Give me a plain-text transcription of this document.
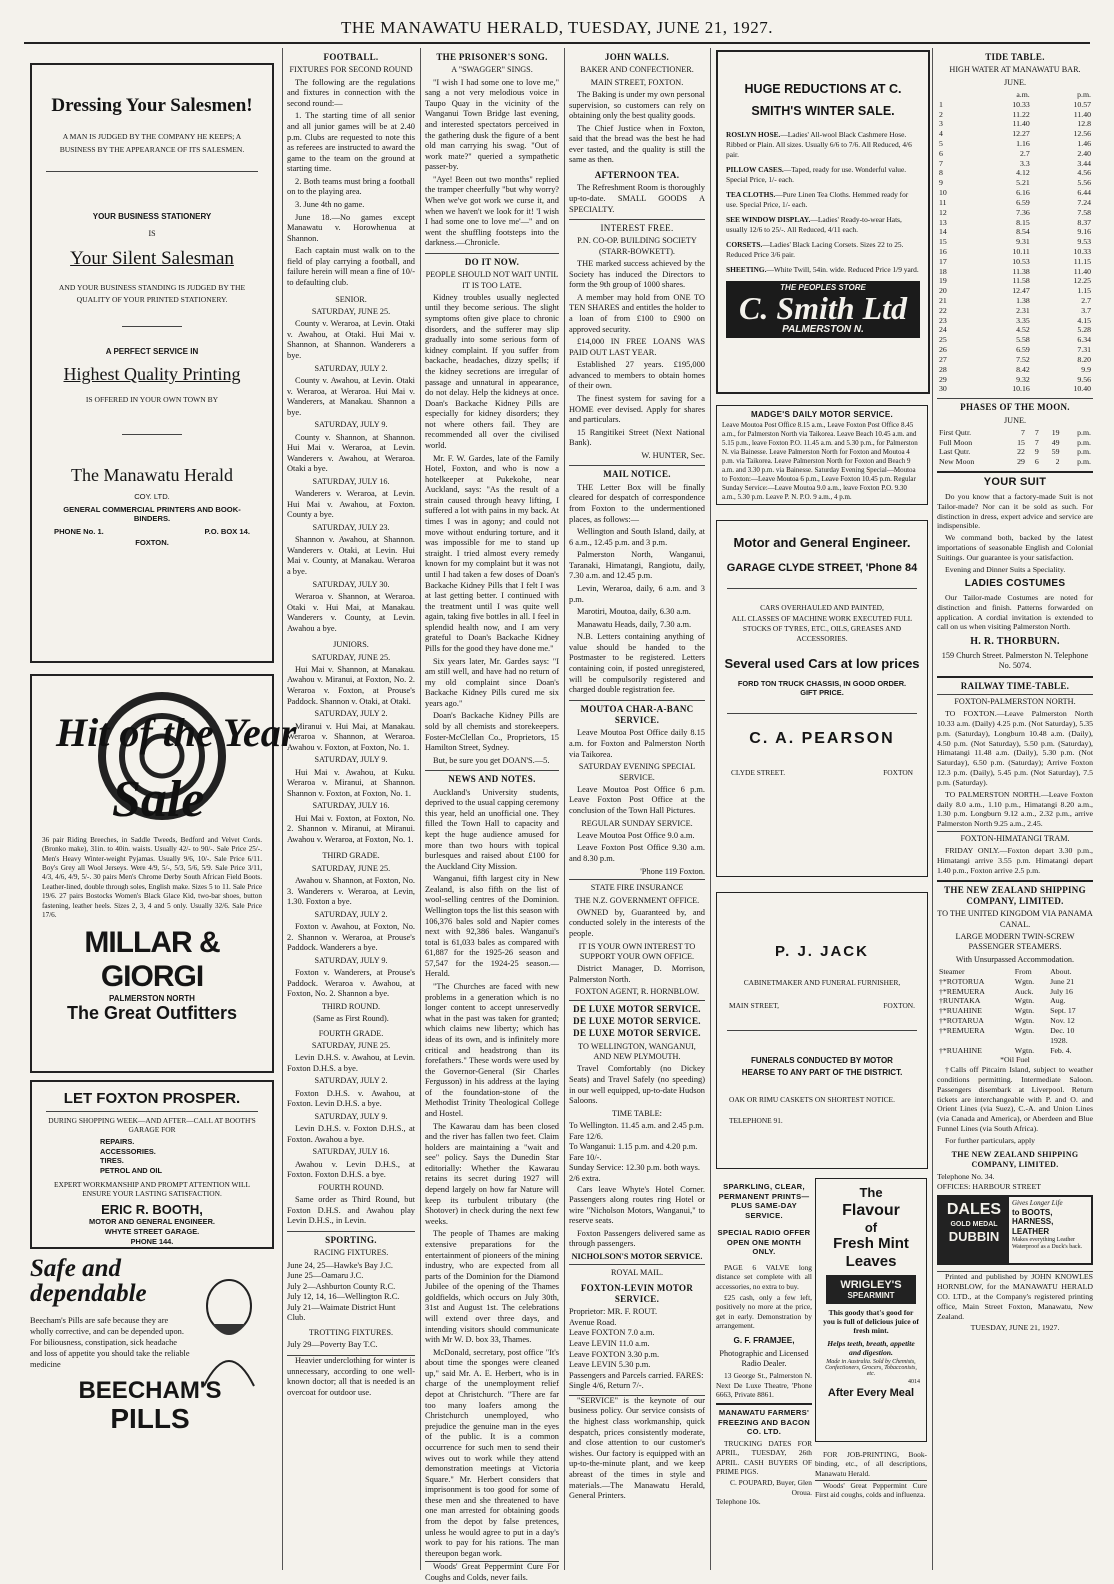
THE MANAWATU HERALD, TUESDAY, JUNE 21, 1927.
Dressing Your Salesmen!
A MAN IS JUDGED BY THE COMPANY HE KEEPS; A BUSINESS BY THE APPEARANCE OF ITS SALESMEN.
YOUR BUSINESS STATIONERY
IS
Your Silent Salesman
AND YOUR BUSINESS STANDING IS JUDGED BY THE QUALITY OF YOUR PRINTED STATIONERY.
A PERFECT SERVICE IN
Highest Quality Printing
IS OFFERED IN YOUR OWN TOWN BY
The Manawatu Herald
COY. LTD.
GENERAL COMMERCIAL PRINTERS AND BOOK-BINDERS.
PHONE No. 1.	P.O. BOX 14.
FOXTON.
Hit of the Year
Sale
36 pair Riding Breeches, in Saddle Tweeds, Bedford and Velvet Cords. (Bronko make), 31in. to 40in. waists. Usually 42/- to 90/-. Sale Price 25/-. Men's Heavy Winter-weight Pyjamas. Usually 9/6, 10/-. Sale Price 6/11. Boy's Grey all Wool Jerseys. Were 4/9, 5/-, 5/3, 5/6, 5/9. Sale Price 3/11, 4/3, 4/6, 4/9, 5/-. 30 pairs Men's Chrome Derby South African Field Boots. Leather-lined, double through soles, English make. Sizes 5 to 11. Sale Price 19/6. 27 pairs Bostocks Women's Black Glace Kid, two-bar shoes, button fastening, leather heels. Sizes 2, 3, 4 and 5 only. Usually 32/6. Sale Price 17/6.
MILLAR & GIORGI
PALMERSTON NORTH
The Great Outfitters
LET FOXTON PROSPER.
DURING SHOPPING WEEK—AND AFTER—CALL AT BOOTH'S GARAGE FOR
REPAIRS.
ACCESSORIES.
TIRES.
PETROL AND OIL
EXPERT WORKMANSHIP AND PROMPT ATTENTION WILL ENSURE YOUR LASTING SATISFACTION.
ERIC R. BOOTH,
MOTOR AND GENERAL ENGINEER.
WHYTE STREET GARAGE.
PHONE 144.
Safe and dependable
Beecham's Pills are safe because they are wholly corrective, and can be depended upon. For biliousness, constipation, sick headache and loss of appetite you should take the reliable medicine
BEECHAM'S
PILLS
FOOTBALL.
FIXTURES FOR SECOND ROUND

The following are the regulations and fixtures in connection with the second round:—

1. The starting time of all senior and all junior games will be at 2.40 p.m. Clubs are requested to note this as referees are instructed to award the game to the team on the ground at starting time.

2. Both teams must bring a football on to the playing area.

3. June 4th no game.

June 18.—No games except Manawatu v. Horowhenua at Shannon.

Each captain must walk on to the field of play carrying a football, and failure herein will mean a fine of 10/- to defaulting club.

SENIOR.
SATURDAY, JUNE 25.

County v. Weraroa, at Levin. Otaki v. Awahou, at Otaki. Hui Mai v. Shannon, at Shannon. Wanderers a bye.

SATURDAY, JULY 2.

County v. Awahou, at Levin. Otaki v. Weraroa, at Weraroa. Hui Mai v. Wanderers, at Manakau. Shannon a bye.

SATURDAY, JULY 9.

County v. Shannon, at Shannon. Hui Mai v. Weraroa, at Levin. Wanderers v. Awahou, at Weraroa. Otaki a bye.

SATURDAY, JULY 16.

Wanderers v. Weraroa, at Levin. Hui Mai v. Awahou, at Foxton. County a bye.

SATURDAY, JULY 23.

Shannon v. Awahou, at Shannon. Wanderers v. Otaki, at Levin. Hui Mai v. County, at Manakau. Weraroa a bye.

SATURDAY, JULY 30.

Weraroa v. Shannon, at Weraroa. Otaki v. Hui Mai, at Manakau. Wanderers v. County, at Levin. Awahou a bye.

JUNIORS.
SATURDAY, JUNE 25.

Hui Mai v. Shannon, at Manakau. Awahou v. Miranui, at Foxton, No. 2. Weraroa v. Foxton, at Prouse's Paddock. Shannon v. Otaki, at Otaki.

SATURDAY, JULY 2.

Miranui v. Hui Mai, at Manakau. Weraroa v. Shannon, at Weraroa. Awahou v. Foxton, at Foxton, No. 1.

SATURDAY, JULY 9.

Hui Mai v. Awahou, at Kuku. Weraroa v. Miranui, at Shannon. Shannon v. Foxton, at Foxton, No. 1.

SATURDAY, JULY 16.

Hui Mai v. Foxton, at Foxton, No. 2. Shannon v. Miranui, at Miranui. Awahou v. Weraroa, at Foxton, No. 1.

THIRD GRADE.
SATURDAY, JUNE 25.

Awahou v. Shannon, at Foxton, No. 3. Wanderers v. Weraroa, at Levin, 1.30. Foxton a bye.

SATURDAY, JULY 2.

Foxton v. Awahou, at Foxton, No. 2. Shannon v. Weraroa, at Prouse's Paddock. Wanderers a bye.

SATURDAY, JULY 9.

Foxton v. Wanderers, at Prouse's Paddock. Weraroa v. Awahou, at Foxton, No. 2. Shannon a bye.

THIRD ROUND.
(Same as First Round).
FOURTH GRADE.
SATURDAY, JUNE 25.

Levin D.H.S. v. Awahou, at Levin. Foxton D.H.S. a bye.

SATURDAY, JULY 2.

Foxton D.H.S. v. Awahou, at Foxton. Levin D.H.S. a bye.

SATURDAY, JULY 9.

Levin D.H.S. v. Foxton D.H.S., at Foxton. Awahou a bye.

SATURDAY, JULY 16.

Awahou v. Levin D.H.S., at Foxton. Foxton D.H.S. a bye.

FOURTH ROUND.

Same order as Third Round, but Foxton D.H.S. and Awahou play Levin D.H.S., in Levin.

SPORTING.
RACING FIXTURES.
June 24, 25—Hawke's Bay J.C.
June 25—Oamaru J.C.
July 2—Ashburton County R.C.
July 12, 14, 16—Wellington R.C.
July 21—Waimate District Hunt Club.
TROTTING FIXTURES.
July 29—Poverty Bay T.C.

Heavier underclothing for winter is unnecessary, according to one well-known doctor; all that is needed is an overcoat for outdoor use.

THE PRISONER'S SONG.
A "SWAGGER" SINGS.

"I wish I had some one to love me," sang a not very melodious voice in Taupo Quay in the vicinity of the Wanganui Town Bridge last evening, and interested spectators perceived in the gathering dusk the figure of a bent old man carrying his swag. "Out of work mate?" queried a sympathetic passer-by.

"Aye! Been out two months" replied the tramper cheerfully "but why worry? When we've got work we curse it, and when we haven't we look for it! 'I wish I had some one to love me'—" and on went the shuffling footsteps into the darkness.—Chronicle.

DO IT NOW.
PEOPLE SHOULD NOT WAIT UNTIL IT IS TOO LATE.

Kidney troubles usually neglected until they become serious. The slight symptoms often give place to chronic disorders, and the sufferer may slip gradually into some serious form of kidney complaint. If you suffer from backache, headaches, dizzy spells; if the kidney secretions are irregular of passage and unnatural in appearance, do not delay. Help the kidneys at once. Doan's Backache Kidney Pills are especially for kidney disorders; they not where others fail. They are recommended all over the civilised world.

Mr. F. W. Gardes, late of the Family Hotel, Foxton, and who is now a hotelkeeper at Pukekohe, near Auckland, says: "As the result of a strain caused through heavy lifting, I suffered a lot with pains in my back. At times I was in agony; and could not move without enduring torture, and it was impossible for me to stand up straight. I tried almost every remedy known for my complaint but it was not until I had taken a few doses of Doan's Backache Kidney Pills that I felt I was at last getting better. I continued with the treatment until I was quite well again, taking five bottles in all. I feel in splendid health now, and I am very grateful to Doan's Backache Kidney Pills for the good they have done me."

Six years later, Mr. Gardes says: "I am still well, and have had no return of my old complaint since Doan's Backache Kidney Pills cured me six years ago."

Doan's Backache Kidney Pills are sold by all chemists and storekeepers. Foster-McClellan Co., Proprietors, 15 Hamilton Street, Sydney.

But, be sure you get DOAN'S.—5.

NEWS AND NOTES.

Auckland's University students, deprived to the usual capping ceremony this year, held an unofficial one. They filled the Town Hall to capacity and kept the huge audience amused for more than two hours with topical burlesques and raised about £100 for the Auckland City Mission.

Wanganui, fifth largest city in New Zealand, is also fifth on the list of wool-selling centres of the Dominion. Wellington tops the list this season with 106,376 bales sold and Napier comes next with 92,386 bales. Wanganui's total is 61,033 bales as compared with 61,887 for the 1925-26 season and 57,547 for the 1924-25 season.—Herald.

"The Churches are faced with new problems in a generation which is no longer content to accept unreservedly what in the past was taken for granted; which claims new liberty; which has ideas of its own, and is infinitely more critical and headstrong than its forefathers." These words were used by the Governor-General (Sir Charles Fergusson) in his address at the laying of the foundation-stone of the Methodist Trinity Theological College and Hostel.

The Kawarau dam has been closed and the river has fallen two feet. Claim holders are maintaining a "wait and see" policy. Says the Dunedin Star editorially: Whether the Kawarau retains its secret during 1927 will depend largely on how far Nature will keep its turbulent tributary (the Shotover) in check during the next few weeks.

The people of Thames are making extensive preparations for the entertainment of pioneers of the mining industry, who are expected from all parts of the Dominion for the Diamond Jubilee of the opening of the Thames goldfields, which occurs on July 30th, 31st and August 1st. The celebrations will extend over three days, and intending visitors should communicate with Mr W. D. box 33, Thames.

McDonald, secretary, post office "It's about time the sponges were cleaned up," said Mr. A. E. Herbert, who is in charge of the unemployment relief depot at Christchurch. "There are far too many loafers among the Christchurch unemployed, who prejudice the genuine man in the eyes of the public. It is a common occurrence for such men to send their wives out to work while they attend demonstration meetings at Victoria Square." Mr. Herbert considers that imprisonment is too good for some of these men and she threatened to have one man arrested for obtaining goods from the depot by false pretences, unless he would agree to put in a day's work to pay for his rations. The man thereupon began work.

Woods' Great Peppermint Cure For Coughs and Colds, never fails.

JOHN WALLS.
BAKER AND CONFECTIONER.
MAIN STREET, FOXTON.

The Baking is under my own personal supervision, so customers can rely on obtaining only the best quality goods.

The Chief Justice when in Foxton, said that the bread was the best he had ever tasted, and the quality is still the same as then.

AFTERNOON TEA.

The Refreshment Room is thoroughly up-to-date. SMALL GOODS A SPECIALTY.

INTEREST FREE.
P.N. CO-OP. BUILDING SOCIETY (STARR-BOWKETT).

THE marked success achieved by the Society has induced the Directors to form the 9th group of 1000 shares.

A member may hold from ONE TO TEN SHARES and entitles the holder to a loan of from £100 to £900 on approved security.

£14,000 IN FREE LOANS WAS PAID OUT LAST YEAR.

Established 27 years. £195,000 advanced to members to obtain homes of their own.

The finest system for saving for a HOME ever devised. Apply for shares and particulars.

15 Rangitikei Street (Next National Bank).

W. HUNTER, Sec.
MAIL NOTICE.

THE Letter Box will be finally cleared for despatch of correspondence from Foxton to the undermentioned places, as follows:—

Wellington and South Island, daily, at 6 a.m., 12.45 p.m. and 3 p.m.

Palmerston North, Wanganui, Taranaki, Himatangi, Rangiotu, daily, 7.30 a.m. and 12.45 p.m.

Levin, Weraroa, daily, 6 a.m. and 3 p.m.

Marotiri, Moutoa, daily, 6.30 a.m.

Manawatu Heads, daily, 7.30 a.m.

N.B. Letters containing anything of value should be handed to the Postmaster to be registered. Letters containing coin, if posted unregistered, will be compulsorily registered and charged double registration fee.

MOUTOA CHAR-A-BANC SERVICE.

Leave Moutoa Post Office daily 8.15 a.m. for Foxton and Palmerston North via Taikorea.

SATURDAY EVENING SPECIAL SERVICE.

Leave Moutoa Post Office 6 p.m. Leave Foxton Post Office at the conclusion of the Town Hall Pictures.

REGULAR SUNDAY SERVICE.

Leave Moutoa Post Office 9.0 a.m.

Leave Foxton Post Office 9.30 a.m. and 8.30 p.m.

'Phone 119 Foxton.
STATE FIRE INSURANCE
THE N.Z. GOVERNMENT OFFICE.

OWNED by, Guaranteed by, and conducted solely in the interests of the people.

IT IS YOUR OWN INTEREST TO SUPPORT YOUR OWN OFFICE.

District Manager, D. Morrison, Palmerston North.

FOXTON AGENT, R. HORNBLOW.
DE LUXE MOTOR SERVICE.
DE LUXE MOTOR SERVICE.
DE LUXE MOTOR SERVICE.
TO WELLINGTON, WANGANUI, AND NEW PLYMOUTH.

Travel Comfortably (no Dickey Seats) and Travel Safely (no speeding) in our well equipped, up-to-date Hudson Saloons.

TIME TABLE:
To Wellington. 11.45 a.m. and 2.45 p.m. Fare 12/6.
To Wanganui: 1.15 p.m. and 4.20 p.m. Fare 10/-.
Sunday Service: 12.30 p.m. both ways. 2/6 extra.

Cars leave Whyte's Hotel Corner. Passengers along routes ring Hotel or wire "Nicholson Motors, Wanganui," to reserve seats.

Foxton Passengers delivered same as through passengers.

NICHOLSON'S MOTOR SERVICE.
ROYAL MAIL.
FOXTON-LEVIN MOTOR SERVICE.
Proprietor: MR. F. ROUT.
Avenue Road.
Leave FOXTON 7.0 a.m.
Leave LEVIN 11.0 a.m.
Leave FOXTON 3.30 p.m.
Leave LEVIN 5.30 p.m.
Passengers and Parcels carried. FARES: Single 4/6, Return 7/-.

"SERVICE" is the keynote of our business policy. Our service consists of the highest class workmanship, quick despatch, prices consistently moderate, and close attention to our customer's wishes. Our factory is equipped with an up-to-the-minute plant, and we keep abreast of the times in style and materials.—The Manawatu Herald, General Printers.

HUGE REDUCTIONS AT C.
SMITH'S WINTER SALE.

ROSLYN HOSE.—Ladies' All-wool Black Cashmere Hose. Ribbed or Plain. All sizes. Usually 6/6 to 7/6. All Reduced, 4/6 pair.

PILLOW CASES.—Taped, ready for use. Wonderful value. Special Price, 1/- each.

TEA CLOTHS.—Pure Linen Tea Cloths. Hemmed ready for use. Special Price, 1/- each.

SEE WINDOW DISPLAY.—Ladies' Ready-to-wear Hats, usually 12/6 to 25/-. All Reduced, 4/11 each.

CORSETS.—Ladies' Black Lacing Corsets. Sizes 22 to 25. Reduced Price 3/6 pair.

SHEETING.—White Twill, 54in. wide. Reduced Price 1/9 yard.

THE PEOPLES STORE
C. Smith Ltd
PALMERSTON N.
MADGE'S DAILY MOTOR SERVICE.
Leave Moutoa Post Office 8.15 a.m., Leave Foxton Post Office 8.45 a.m., for Palmerston North via Taikorea. Leave Beach 10.45 a.m. and 5.15 p.m., leave Foxton P.O. 11.45 a.m. and 5.30 p.m., for Palmerston N. via Bainesse. Leave Palmerston North for Foxton and Moutoa 4 p.m. via Taikorea. Leave Palmerston North for Foxton and Beach 9 a.m. and 3.30 p.m. via Bainesse. Saturday Evening Special—Moutoa to Foxton:—Leave Moutoa 6 p.m., Leave Foxton 10.45 p.m. Regular Sunday Service:—Leave Moutoa 9.0 a.m., leave Foxton P.O. 9.30 a.m., 5.30 p.m. Leave P. N. P.O. 9 a.m., 4 p.m.
Motor and General Engineer.
GARAGE CLYDE STREET, 'Phone 84
CARS OVERHAULED AND PAINTED,
ALL CLASSES OF MACHINE WORK EXECUTED FULL STOCKS OF TYRES, ETC., OILS, GREASES AND ACCESSORIES.
Several used Cars at low prices
FORD TON TRUCK CHASSIS, IN GOOD ORDER. GIFT PRICE.
C. A. PEARSON
CLYDE STREET.	FOXTON
P. J. JACK
CABINETMAKER AND FUNERAL FURNISHER,
MAIN STREET,	FOXTON.
FUNERALS CONDUCTED BY MOTOR HEARSE TO ANY PART OF THE DISTRICT.
OAK OR RIMU CASKETS ON SHORTEST NOTICE.
TELEPHONE 91.
SPARKLING, CLEAR, PERMANENT PRINTS—PLUS SAME-DAY SERVICE.
SPECIAL RADIO OFFER OPEN ONE MONTH ONLY.

PAGE 6 VALVE long distance set complete with all accessories, no extra to buy.

£25 cash, only a few left, positively no more at the price, get in early. Demonstration by arrangement.

G. F. FRAMJEE,
Photographic and Licensed Radio Dealer.

13 George St., Palmerston N. Next De Luxe Theatre, 'Phone 6663, Private 8861.

MANAWATU FARMERS' FREEZING AND BACON CO. LTD.

TRUCKING DATES FOR APRIL, TUESDAY, 26th APRIL. CASH BUYERS OF PRIME PIGS.

C. POUPARD, Buyer, Glen Oroua.
Telephone 10s.
The
Flavour
of
Fresh Mint
Leaves
WRIGLEY'S
SPEARMINT
This goody that's good for you is full of delicious juice of fresh mint.
Helps teeth, breath, appetite and digestion.
Made in Australia. Sold by Chemists, Confectioners, Grocers, Tobacconists, etc.
4014
After Every Meal

FOR JOB-PRINTING, Book-binding, etc., of all descriptions, Manawatu Herald.

Woods' Great Peppermint Cure First aid coughs, colds and influenza.

TIDE TABLE.
HIGH WATER AT MANAWATU BAR.
JUNE.
	a.m.	p.m.
1	10.33	10.57
2	11.22	11.40
3	11.40	12.8
4	12.27	12.56
5	1.16	1.46
6	2.7	2.40
7	3.3	3.44
8	4.12	4.56
9	5.21	5.56
10	6.16	6.44
11	6.59	7.24
12	7.36	7.58
13	8.15	8.37
14	8.54	9.16
15	9.31	9.53
16	10.11	10.33
17	10.53	11.15
18	11.38	11.40
19	11.58	12.25
20	12.47	1.15
21	1.38	2.7
22	2.31	3.7
23	3.35	4.15
24	4.52	5.28
25	5.58	6.34
26	6.59	7.31
27	7.52	8.20
28	8.42	9.9
29	9.32	9.56
30	10.16	10.40
PHASES OF THE MOON.
JUNE.
First Qutr.	7	7	19	p.m.
Full Moon	15	7	49	p.m.
Last Qutr.	22	9	59	p.m.
New Moon	29	6	2	p.m.
YOUR SUIT

Do you know that a factory-made Suit is not Tailor-made? Nor can it be sold as such. For distinction in dress, expert advice and service are indispensible.

We command both, backed by the latest importations of seasonable English and Colonial Suitings. Our guarantee is your satisfaction.

Evening and Dinner Suits a Speciality.

LADIES COSTUMES

Our Tailor-made Costumes are noted for distinction and finish. Patterns forwarded on application. A cordial invitation is extended to call on us when visiting Palmerston North.

H. R. THORBURN.
159 Church Street. Palmerston N. Telephone No. 5074.
RAILWAY TIME-TABLE.
FOXTON-PALMERSTON NORTH.

TO FOXTON.—Leave Palmerston North 10.33 a.m. (Daily) 4.25 p.m. (Not Saturday), 5.35 p.m. (Saturday), Longburn 10.48 a.m. (Daily), 4.50 p.m. (Not Saturday), 5.50 p.m. (Saturday), Himatangi 11.48 a.m. (Daily), 5.30 p.m. (Not Saturday), 6.50 p.m. (Saturday); Arrive Foxton 12.3 p.m. (Daily), 5.45 p.m. (Not Saturday), 7.5 p.m. (Saturday).

TO PALMERSTON NORTH.—Leave Foxton daily 8.0 a.m., 1.10 p.m., Himatangi 8.20 a.m., 1.30 p.m. Longburn 9.12 a.m., 2.32 p.m., arrive Palmerston North 9.25 a.m., 2.45.

FOXTON-HIMATANGI TRAM.

FRIDAY ONLY.—Foxton depart 3.30 p.m., Himatangi arrive 3.55 p.m. Himatangi depart 1.40 p.m., Foxton arrive 2.5 p.m.

THE NEW ZEALAND SHIPPING COMPANY, LIMITED.
TO THE UNITED KINGDOM VIA PANAMA CANAL.
LARGE MODERN TWIN-SCREW PASSENGER STEAMERS.
With Unsurpassed Accommodation.
Steamer	From	About.
†*ROTORUA	Wgtn.	June 21
†*REMUERA	Auck.	July 16
†RUNTAKA	Wgtn.	Aug.
†*RUAHINE	Wgtn.	Sept. 17
†*ROTARUA	Wgtn.	Nov. 12
†*REMUERA	Wgtn.	Dec. 10
		1928.
†*RUAHINE	Wgtn.	Feb. 4.
*Oil Fuel

†Calls off Pitcairn Island, subject to weather conditions permitting. Intermediate Saloon. Passengers disembark at Liverpool. Return tickets are interchangeable with P. and O. and Orient Lines (via Suez), C.-A. and Union Lines (via Canada and America), or Aberdeen and Blue Funnel Lines (via South Africa).

For further particulars, apply

THE NEW ZEALAND SHIPPING COMPANY, LIMITED.
Telephone No. 34.
OFFICES: HARBOUR STREET
DALES
GOLD MEDAL
DUBBIN
Gives Longer Life
to BOOTS, HARNESS, LEATHER
Makes everything Leather Waterproof as a Duck's back.

Printed and published by JOHN KNOWLES HORNBLOW, for the MANAWATU HERALD CO. LTD., at the Company's registered printing office, Main Street Foxton, Manawatu, New Zealand.

TUESDAY, JUNE 21, 1927.
